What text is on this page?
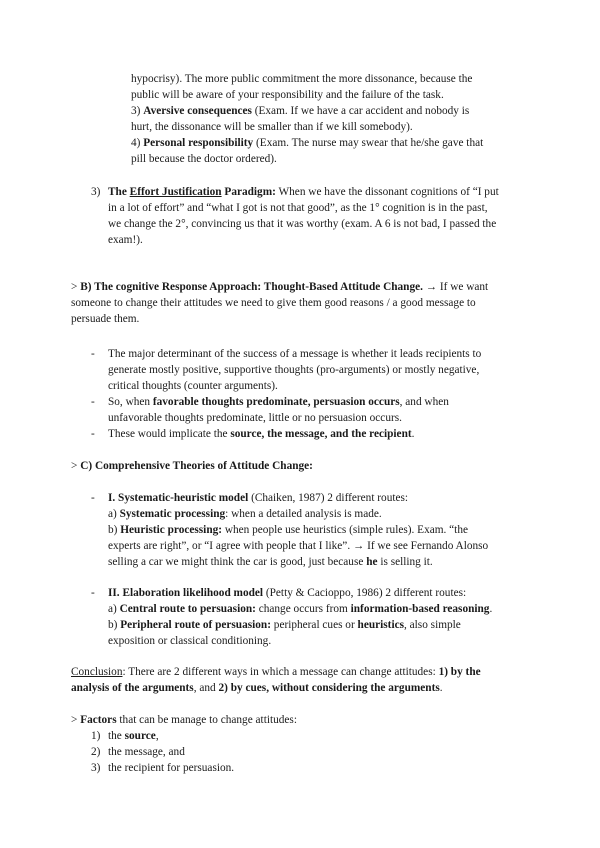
hypocrisy). The more public commitment the more dissonance, because the

public will be aware of your responsibility and the failure of the task.

3) Aversive consequences (Exam. If we have a car accident and nobody is

hurt, the dissonance will be smaller than if we kill somebody).

4) Personal responsibility (Exam. The nurse may swear that he/she gave that

pill because the doctor ordered).

3) The Effort Justification Paradigm: When we have the dissonant cognitions of “I put

in a lot of effort” and “what I got is not that good”, as the 1° cognition is in the past,

we change the 2°, convincing us that it was worthy (exam. A 6 is not bad, I passed the

exam!).

> B) The cognitive Response Approach: Thought-Based Attitude Change. → If we want

someone to change their attitudes we need to give them good reasons / a good message to

persuade them.

- The major determinant of the success of a message is whether it leads recipients to

generate mostly positive, supportive thoughts (pro-arguments) or mostly negative,

critical thoughts (counter arguments).

- So, when favorable thoughts predominate, persuasion occurs, and when

unfavorable thoughts predominate, little or no persuasion occurs.

- These would implicate the source, the message, and the recipient.

> C) Comprehensive Theories of Attitude Change:

- I. Systematic-heuristic model (Chaiken, 1987) 2 different routes:

a) Systematic processing: when a detailed analysis is made.

b) Heuristic processing: when people use heuristics (simple rules). Exam. “the

experts are right”, or “I agree with people that I like”. → If we see Fernando Alonso

selling a car we might think the car is good, just because he is selling it.

- II. Elaboration likelihood model (Petty & Cacioppo, 1986) 2 different routes:

a) Central route to persuasion: change occurs from information-based reasoning.

b) Peripheral route of persuasion: peripheral cues or heuristics, also simple

exposition or classical conditioning.

Conclusion: There are 2 different ways in which a message can change attitudes: 1) by the

analysis of the arguments, and 2) by cues, without considering the arguments.

> Factors that can be manage to change attitudes:

1) the source,
2) the message, and
3) the recipient for persuasion.
